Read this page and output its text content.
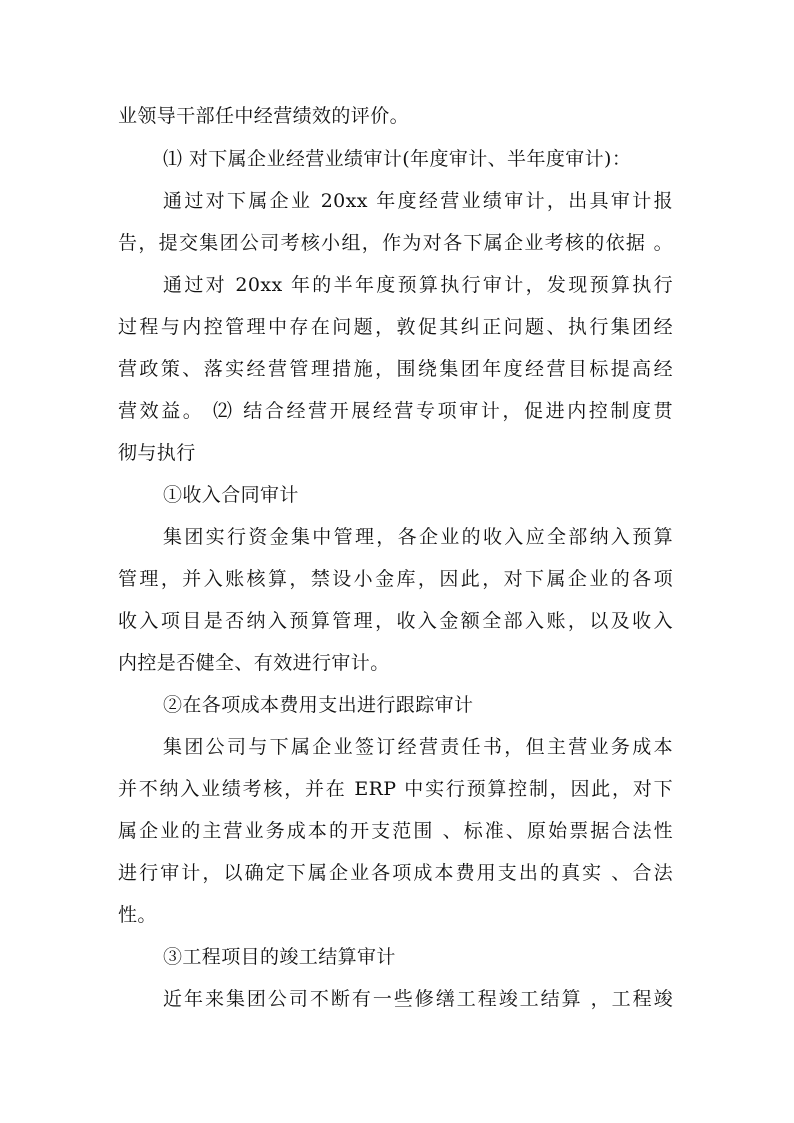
业领导干部任中经营绩效的评价。
⑴ 对下属企业经营业绩审计(年度审计、半年度审计)：
通过对下属企业 20xx 年度经营业绩审计，出具审计报
告，提交集团公司考核小组，作为对各下属企业考核的依据 。
通过对 20xx 年的半年度预算执行审计，发现预算执行
过程与内控管理中存在问题，敦促其纠正问题、执行集团经
营政策、落实经营管理措施，围绕集团年度经营目标提高经
营效益。 ⑵ 结合经营开展经营专项审计，促进内控制度贯
彻与执行
①收入合同审计
集团实行资金集中管理，各企业的收入应全部纳入预算
管理，并入账核算，禁设小金库，因此，对下属企业的各项
收入项目是否纳入预算管理，收入金额全部入账，以及收入
内控是否健全、有效进行审计。
②在各项成本费用支出进行跟踪审计
集团公司与下属企业签订经营责任书，但主营业务成本
并不纳入业绩考核，并在 ERP 中实行预算控制，因此，对下
属企业的主营业务成本的开支范围 、标准、原始票据合法性
进行审计，以确定下属企业各项成本费用支出的真实 、合法
性。
③工程项目的竣工结算审计
近年来集团公司不断有一些修缮工程竣工结算 ，工程竣
